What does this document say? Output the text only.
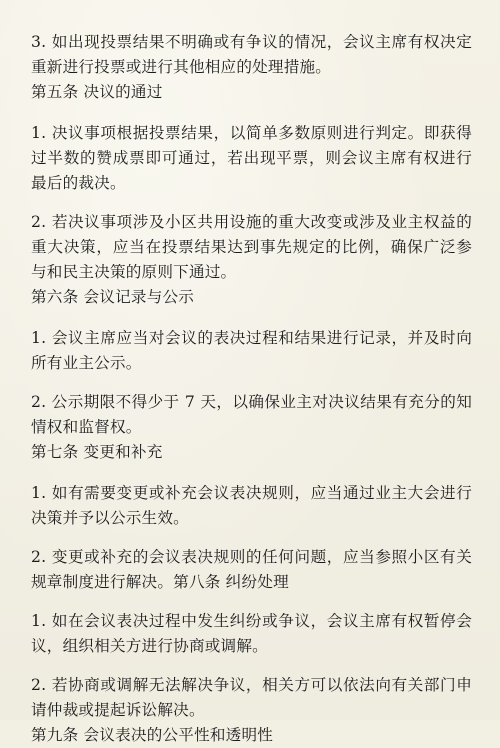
3. 如出现投票结果不明确或有争议的情况，会议主席有权决定重新进行投票或进行其他相应的处理措施。

第五条 决议的通过

1. 决议事项根据投票结果，以简单多数原则进行判定。即获得过半数的赞成票即可通过，若出现平票，则会议主席有权进行最后的裁决。

2. 若决议事项涉及小区共用设施的重大改变或涉及业主权益的重大决策，应当在投票结果达到事先规定的比例，确保广泛参与和民主决策的原则下通过。

第六条 会议记录与公示

1. 会议主席应当对会议的表决过程和结果进行记录，并及时向所有业主公示。

2. 公示期限不得少于 7 天，以确保业主对决议结果有充分的知情权和监督权。

第七条 变更和补充

1. 如有需要变更或补充会议表决规则，应当通过业主大会进行决策并予以公示生效。

2. 变更或补充的会议表决规则的任何问题，应当参照小区有关规章制度进行解决。第八条 纠纷处理

1. 如在会议表决过程中发生纠纷或争议，会议主席有权暂停会议，组织相关方进行协商或调解。

2. 若协商或调解无法解决争议，相关方可以依法向有关部门申请仲裁或提起诉讼解决。

第九条 会议表决的公平性和透明性
